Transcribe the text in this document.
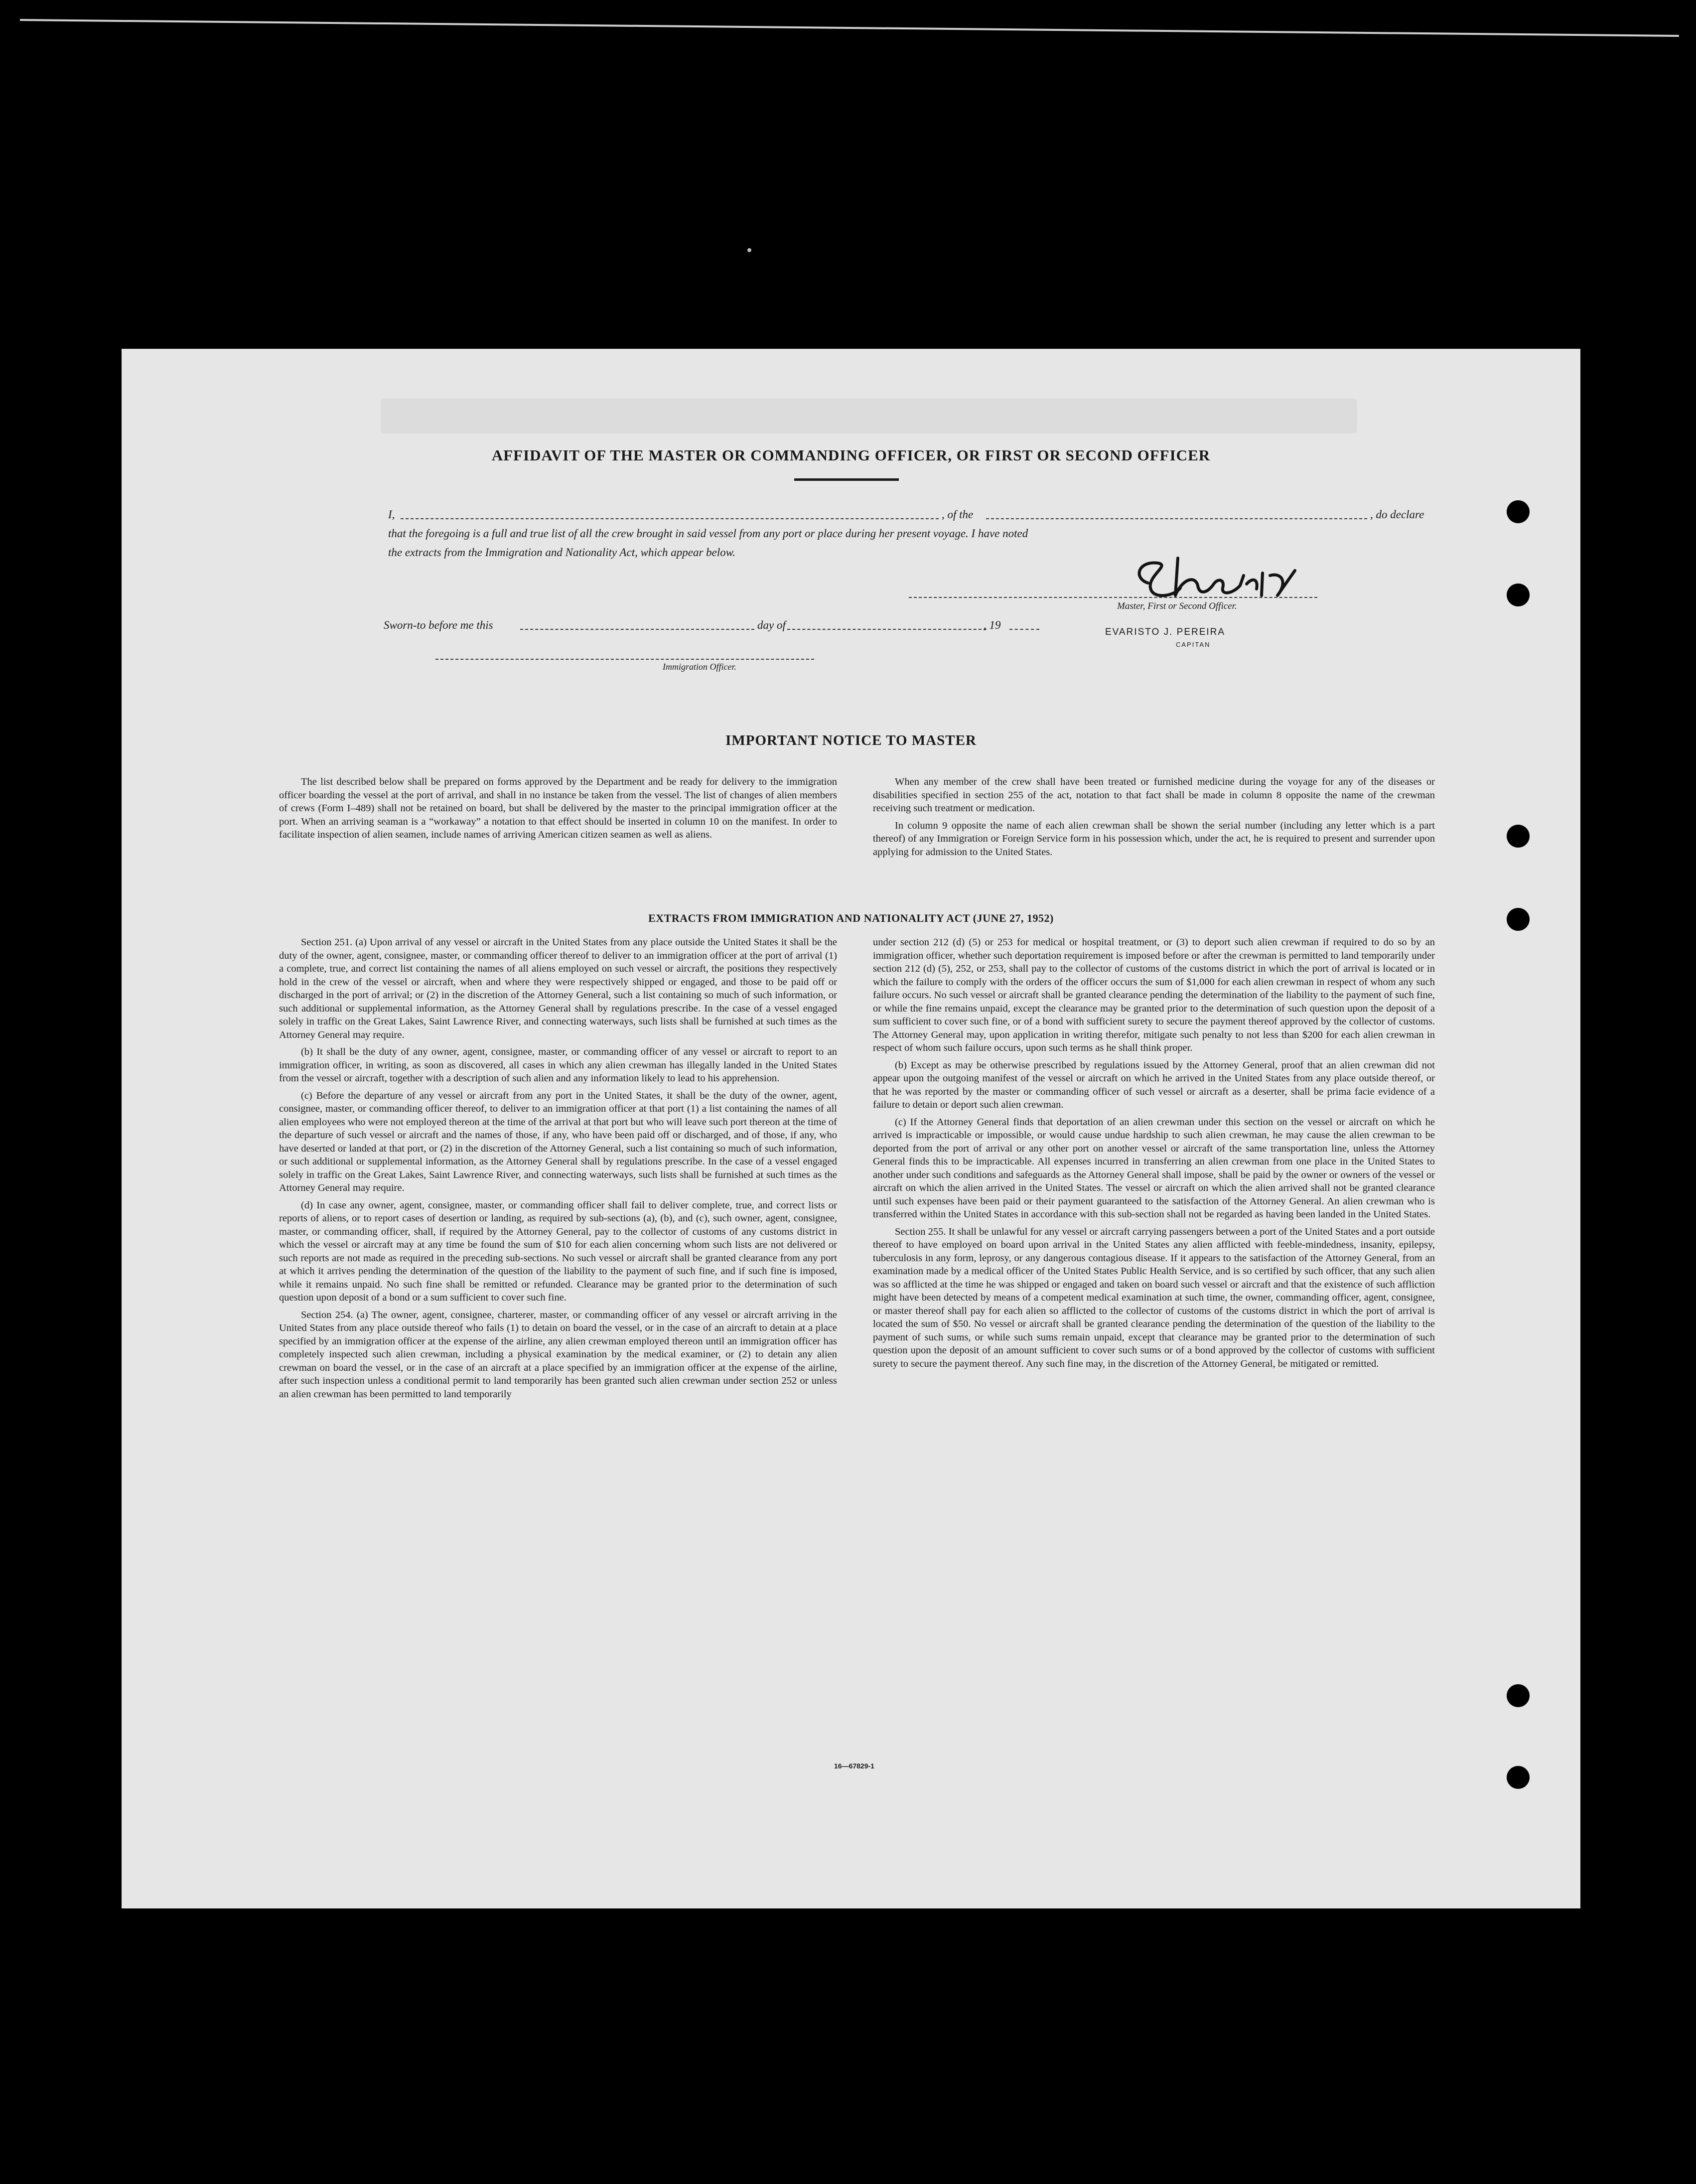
AFFIDAVIT OF THE MASTER OR COMMANDING OFFICER, OR FIRST OR SECOND OFFICER
I,	, of the	, do declare
that the foregoing is a full and true list of all the crew brought in said vessel from any port or place during her present voyage. I have noted
the extracts from the Immigration and Nationality Act, which appear below.
Master, First or Second Officer.
EVARISTO J. PEREIRA
CAPITAN
Sworn-to before me this	day of	, 19
Immigration Officer.
IMPORTANT NOTICE TO MASTER

The list described below shall be prepared on forms approved by the Department and be ready for delivery to the immigration officer boarding the vessel at the port of arrival, and shall in no instance be taken from the vessel. The list of changes of alien members of crews (Form I–489) shall not be retained on board, but shall be delivered by the master to the principal immigration officer at the port. When an arriving seaman is a “workaway” a notation to that effect should be inserted in column 10 on the manifest. In order to facilitate inspection of alien seamen, include names of arriving American citizen seamen as well as aliens.

When any member of the crew shall have been treated or furnished medicine during the voyage for any of the diseases or disabilities specified in section 255 of the act, notation to that fact shall be made in column 8 opposite the name of the crewman receiving such treatment or medication.

In column 9 opposite the name of each alien crewman shall be shown the serial number (including any letter which is a part thereof) of any Immigration or Foreign Service form in his possession which, under the act, he is required to present and surrender upon applying for admission to the United States.

EXTRACTS FROM IMMIGRATION AND NATIONALITY ACT (JUNE 27, 1952)

Section 251. (a) Upon arrival of any vessel or aircraft in the United States from any place outside the United States it shall be the duty of the owner, agent, consignee, master, or commanding officer thereof to deliver to an immigration officer at the port of arrival (1) a complete, true, and correct list containing the names of all aliens employed on such vessel or aircraft, the positions they respectively hold in the crew of the vessel or aircraft, when and where they were respectively shipped or engaged, and those to be paid off or discharged in the port of arrival; or (2) in the discretion of the Attorney General, such a list containing so much of such information, or such additional or supplemental information, as the Attorney General shall by regulations prescribe. In the case of a vessel engaged solely in traffic on the Great Lakes, Saint Lawrence River, and connecting waterways, such lists shall be furnished at such times as the Attorney General may require.

(b) It shall be the duty of any owner, agent, consignee, master, or commanding officer of any vessel or aircraft to report to an immigration officer, in writing, as soon as discovered, all cases in which any alien crewman has illegally landed in the United States from the vessel or aircraft, together with a description of such alien and any information likely to lead to his apprehension.

(c) Before the departure of any vessel or aircraft from any port in the United States, it shall be the duty of the owner, agent, consignee, master, or commanding officer thereof, to deliver to an immigration officer at that port (1) a list containing the names of all alien employees who were not employed thereon at the time of the arrival at that port but who will leave such port thereon at the time of the departure of such vessel or aircraft and the names of those, if any, who have been paid off or discharged, and of those, if any, who have deserted or landed at that port, or (2) in the discretion of the Attorney General, such a list containing so much of such information, or such additional or supplemental information, as the Attorney General shall by regulations prescribe. In the case of a vessel engaged solely in traffic on the Great Lakes, Saint Lawrence River, and connecting waterways, such lists shall be furnished at such times as the Attorney General may require.

(d) In case any owner, agent, consignee, master, or commanding officer shall fail to deliver complete, true, and correct lists or reports of aliens, or to report cases of desertion or landing, as required by sub-sections (a), (b), and (c), such owner, agent, consignee, master, or commanding officer, shall, if required by the Attorney General, pay to the collector of customs of any customs district in which the vessel or aircraft may at any time be found the sum of $10 for each alien concerning whom such lists are not delivered or such reports are not made as required in the preceding sub-sections. No such vessel or aircraft shall be granted clearance from any port at which it arrives pending the determination of the question of the liability to the payment of such fine, and if such fine is imposed, while it remains unpaid. No such fine shall be remitted or refunded. Clearance may be granted prior to the determination of such question upon deposit of a bond or a sum sufficient to cover such fine.

Section 254. (a) The owner, agent, consignee, charterer, master, or commanding officer of any vessel or aircraft arriving in the United States from any place outside thereof who fails (1) to detain on board the vessel, or in the case of an aircraft to detain at a place specified by an immigration officer at the expense of the airline, any alien crewman employed thereon until an immigration officer has completely inspected such alien crewman, including a physical examination by the medical examiner, or (2) to detain any alien crewman on board the vessel, or in the case of an aircraft at a place specified by an immigration officer at the expense of the airline, after such inspection unless a conditional permit to land temporarily has been granted such alien crewman under section 252 or unless an alien crewman has been permitted to land temporarily

under section 212 (d) (5) or 253 for medical or hospital treatment, or (3) to deport such alien crewman if required to do so by an immigration officer, whether such deportation requirement is imposed before or after the crewman is permitted to land temporarily under section 212 (d) (5), 252, or 253, shall pay to the collector of customs of the customs district in which the port of arrival is located or in which the failure to comply with the orders of the officer occurs the sum of $1,000 for each alien crewman in respect of whom any such failure occurs. No such vessel or aircraft shall be granted clearance pending the determination of the liability to the payment of such fine, or while the fine remains unpaid, except the clearance may be granted prior to the determination of such question upon the deposit of a sum sufficient to cover such fine, or of a bond with sufficient surety to secure the payment thereof approved by the collector of customs. The Attorney General may, upon application in writing therefor, mitigate such penalty to not less than $200 for each alien crewman in respect of whom such failure occurs, upon such terms as he shall think proper.

(b) Except as may be otherwise prescribed by regulations issued by the Attorney General, proof that an alien crewman did not appear upon the outgoing manifest of the vessel or aircraft on which he arrived in the United States from any place outside thereof, or that he was reported by the master or commanding officer of such vessel or aircraft as a deserter, shall be prima facie evidence of a failure to detain or deport such alien crewman.

(c) If the Attorney General finds that deportation of an alien crewman under this section on the vessel or aircraft on which he arrived is impracticable or impossible, or would cause undue hardship to such alien crewman, he may cause the alien crewman to be deported from the port of arrival or any other port on another vessel or aircraft of the same transportation line, unless the Attorney General finds this to be impracticable. All expenses incurred in transferring an alien crewman from one place in the United States to another under such conditions and safeguards as the Attorney General shall impose, shall be paid by the owner or owners of the vessel or aircraft on which the alien arrived in the United States. The vessel or aircraft on which the alien arrived shall not be granted clearance until such expenses have been paid or their payment guaranteed to the satisfaction of the Attorney General. An alien crewman who is transferred within the United States in accordance with this sub-section shall not be regarded as having been landed in the United States.

Section 255. It shall be unlawful for any vessel or aircraft carrying passengers between a port of the United States and a port outside thereof to have employed on board upon arrival in the United States any alien afflicted with feeble-mindedness, insanity, epilepsy, tuberculosis in any form, leprosy, or any dangerous contagious disease. If it appears to the satisfaction of the Attorney General, from an examination made by a medical officer of the United States Public Health Service, and is so certified by such officer, that any such alien was so afflicted at the time he was shipped or engaged and taken on board such vessel or aircraft and that the existence of such affliction might have been detected by means of a competent medical examination at such time, the owner, commanding officer, agent, consignee, or master thereof shall pay for each alien so afflicted to the collector of customs of the customs district in which the port of arrival is located the sum of $50. No vessel or aircraft shall be granted clearance pending the determination of the question of the liability to the payment of such sums, or while such sums remain unpaid, except that clearance may be granted prior to the determination of such question upon the deposit of an amount sufficient to cover such sums or of a bond approved by the collector of customs with sufficient surety to secure the payment thereof. Any such fine may, in the discretion of the Attorney General, be mitigated or remitted.

16—67829-1
